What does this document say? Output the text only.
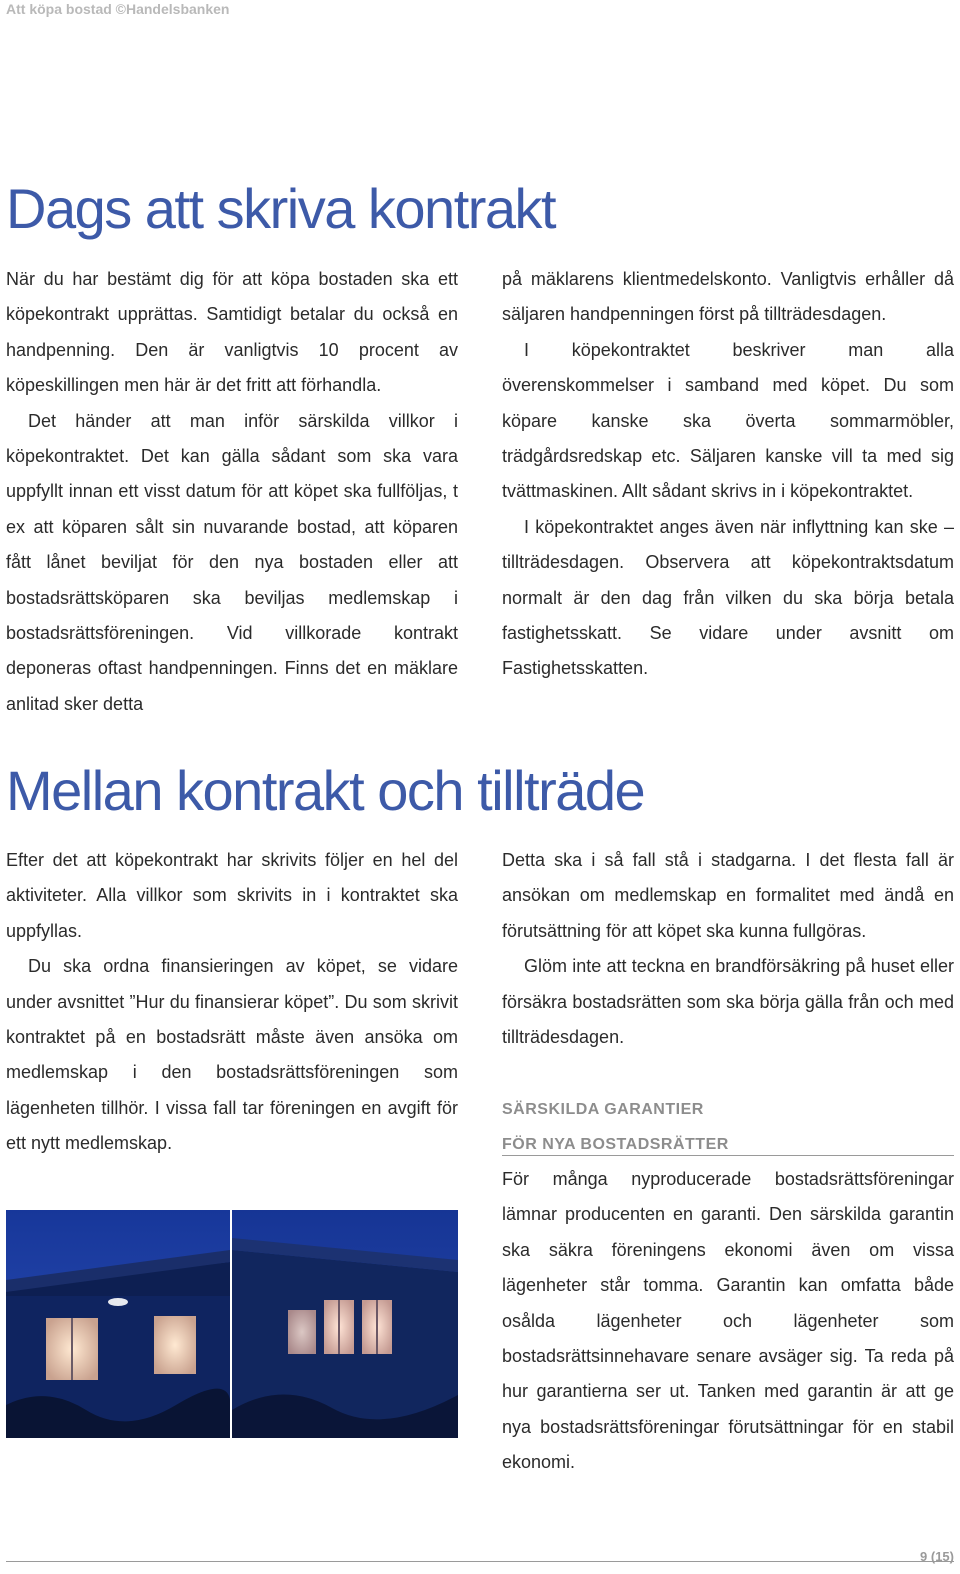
Att köpa bostad ©Handelsbanken
Dags att skriva kontrakt

När du har bestämt dig för att köpa bostaden ska ett köpekontrakt upprättas. Samtidigt betalar du också en handpenning. Den är vanligtvis 10 procent av köpeskillingen men här är det fritt att förhandla.

Det händer att man inför särskilda villkor i köpekontraktet. Det kan gälla sådant som ska vara uppfyllt innan ett visst datum för att köpet ska fullföljas, t ex att köparen sålt sin nuvarande bostad, att köparen fått lånet beviljat för den nya bostaden eller att bostadsrättsköparen ska beviljas medlemskap i bostadsrättsföreningen. Vid villkorade kontrakt deponeras oftast handpenningen. Finns det en mäklare anlitad sker detta

på mäklarens klientmedelskonto. Vanligtvis erhåller då säljaren handpenningen först på tillträdesdagen.

I köpekontraktet beskriver man alla överenskommelser i samband med köpet. Du som köpare kanske ska överta sommarmöbler, trädgårdsredskap etc. Säljaren kanske vill ta med sig tvättmaskinen. Allt sådant skrivs in i köpekontraktet.

I köpekontraktet anges även när inflyttning kan ske – tillträdesdagen. Observera att köpekontraktsdatum normalt är den dag från vilken du ska börja betala fastighetsskatt. Se vidare under avsnitt om Fastighetsskatten.

Mellan kontrakt och tillträde

Efter det att köpekontrakt har skrivits följer en hel del aktiviteter. Alla villkor som skrivits in i kontraktet ska uppfyllas.

Du ska ordna finansieringen av köpet, se vidare under avsnittet ”Hur du finansierar köpet”. Du som skrivit kontraktet på en bostadsrätt måste även ansöka om medlemskap i den bostadsrättsföreningen som lägenheten tillhör. I vissa fall tar föreningen en avgift för ett nytt medlemskap.

Detta ska i så fall stå i stadgarna. I det flesta fall är ansökan om medlemskap en formalitet med ändå en förutsättning för att köpet ska kunna fullgöras.

Glöm inte att teckna en brandförsäkring på huset eller försäkra bostadsrätten som ska börja gälla från och med tillträdesdagen.

SÄRSKILDA GARANTIER
FÖR NYA BOSTADSRÄTTER

För många nyproducerade bostadsrättsföreningar lämnar producenten en garanti. Den särskilda garantin ska säkra föreningens ekonomi även om vissa lägenheter står tomma. Garantin kan omfatta både osålda lägenheter och lägenheter som bostadsrättsinnehavare senare avsäger sig. Ta reda på hur garantierna ser ut. Tanken med garantin är att ge nya bostadsrättsföreningar förutsättningar för en stabil ekonomi.

9 (15)
